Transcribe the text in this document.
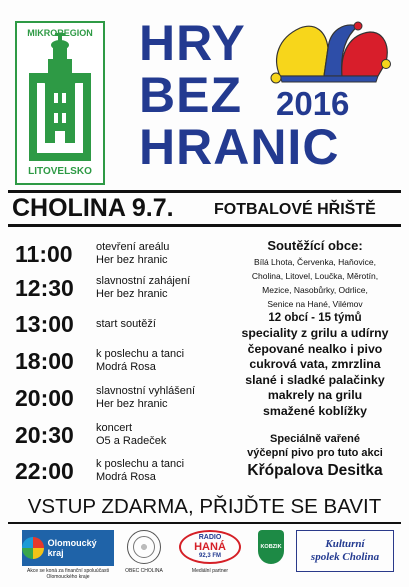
MIKROREGION
LITOVELSKO
HRY
BEZ 2016
HRANIC
CHOLINA 9.7.	FOTBALOVÉ HŘIŠTĚ
11:00	otevření areálu
Her bez hranic
12:30	slavnostní zahájení
Her bez hranic
13:00	start soutěží
18:00	k poslechu a tanci
Modrá Rosa
20:00	slavnostní vyhlášení
Her bez hranic
20:30	koncert
O5 a Radeček
22:00	k poslechu a tanci
Modrá Rosa
Soutěžící obce:
Bílá Lhota, Červenka, Haňovice,
Cholina, Litovel, Loučka, Měrotín,
Mezice, Nasobůrky, Odrlice,
Senice na Hané, Vilémov
12 obcí - 15 týmů
speciality z grilu a udírny
čepované nealko i pivo
cukrová vata, zmrzlina
slané i sladké palačinky
makrely na grilu
smažené koblížky
Speciálně vařené
výčepní pivo pro tuto akci
Křópalova Desitka
VSTUP ZDARMA, PŘIJĎTE SE BAVIT
Olomoucký kraj
Akce se koná za finanční spoluúčasti
Olomouckého kraje
OBEC CHOLINA
RADIO
HANÁ
92,3 FM
Mediální partner
KOBZIK	Kulturní
spolek Cholina
